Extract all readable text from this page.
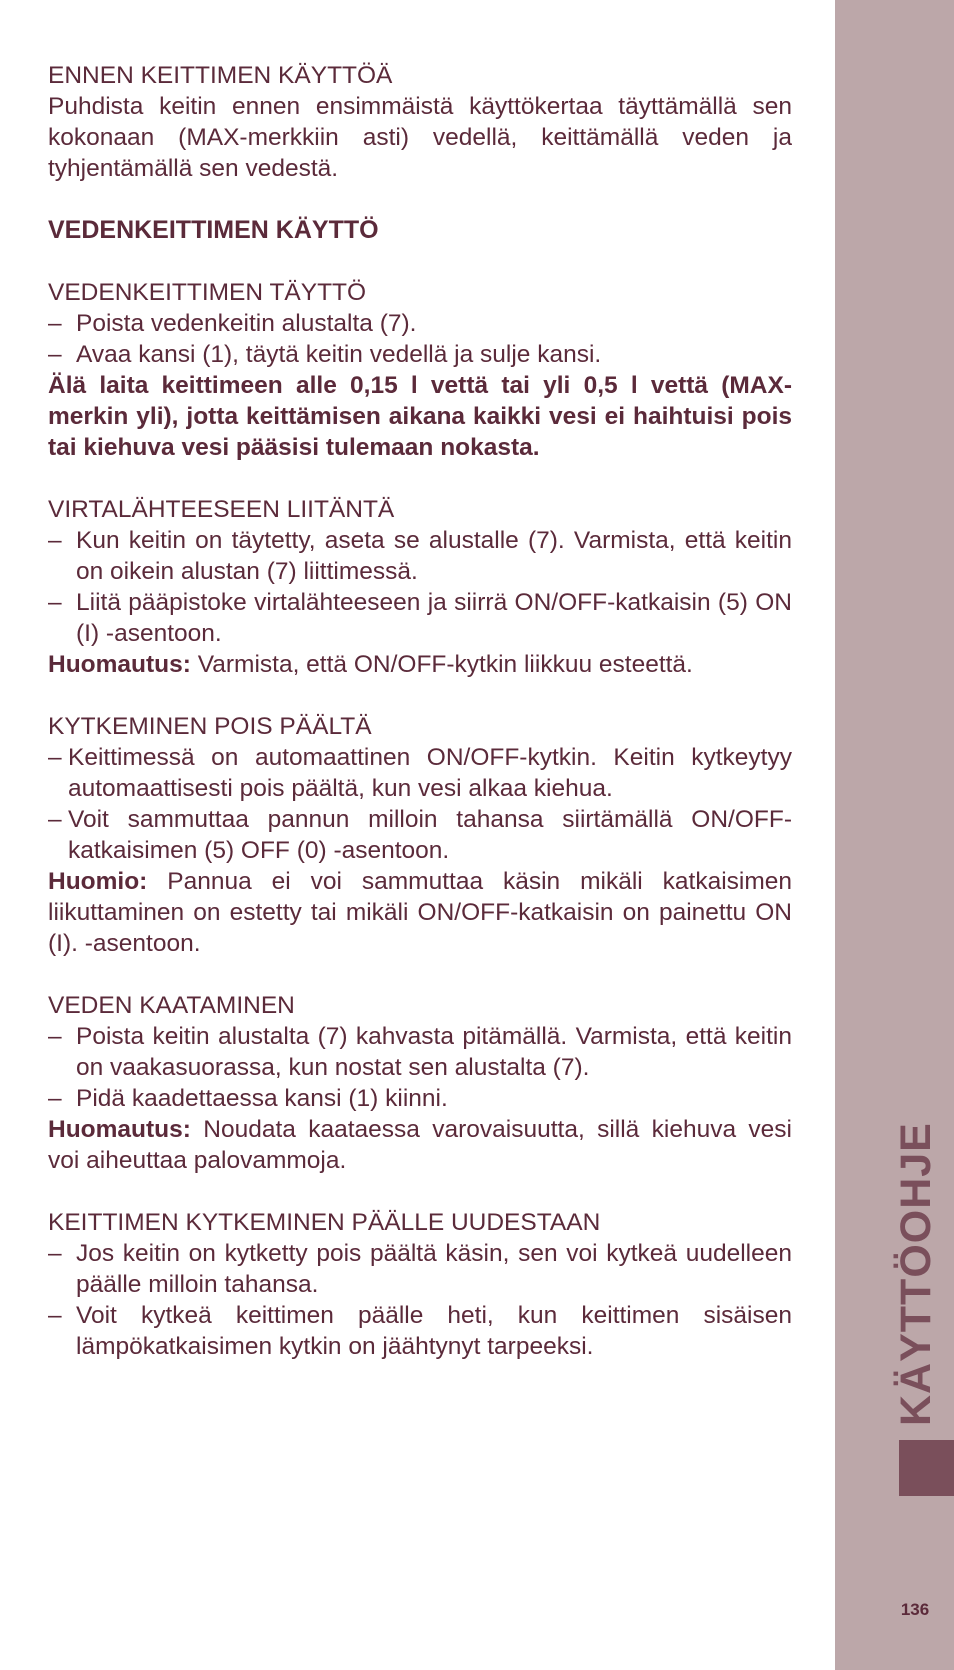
ENNEN KEITTIMEN KÄYTTÖÄ

Puhdista keitin ennen ensimmäistä käyttökertaa täyttämällä sen kokonaan (MAX-merkkiin asti) vedellä, keittämällä veden ja tyhjentämällä sen vedestä.

VEDENKEITTIMEN KÄYTTÖ

VEDENKEITTIMEN TÄYTTÖ

– Poista vedenkeitin alustalta (7).
– Avaa kansi (1), täytä keitin vedellä ja sulje kansi.

Älä laita keittimeen alle 0,15 l vettä tai yli 0,5 l vettä (MAX-merkin yli), jotta keittämisen aikana kaikki vesi ei haihtuisi pois tai kiehuva vesi pääsisi tulemaan nokasta.

VIRTALÄHTEESEEN LIITÄNTÄ

– Kun keitin on täytetty, aseta se alustalle (7). Varmista, että keitin on oikein alustan (7) liittimessä.
– Liitä pääpistoke virtalähteeseen ja siirrä ON/OFF-katkaisin (5) ON (I) -asentoon.

Huomautus: Varmista, että ON/OFF-kytkin liikkuu esteettä.

KYTKEMINEN POIS PÄÄLTÄ

– Keittimessä on automaattinen ON/OFF-kytkin. Keitin kytkeytyy automaattisesti pois päältä, kun vesi alkaa kiehua.
– Voit sammuttaa pannun milloin tahansa siirtämällä ON/OFF-katkaisimen (5) OFF (0) -asentoon.

Huomio: Pannua ei voi sammuttaa käsin mikäli katkaisimen liikuttaminen on estetty tai mikäli ON/OFF-katkaisin on painettu ON (I). -asentoon.

VEDEN KAATAMINEN

– Poista keitin alustalta (7) kahvasta pitämällä. Varmista, että keitin on vaakasuorassa, kun nostat sen alustalta (7).
– Pidä kaadettaessa kansi (1) kiinni.

Huomautus: Noudata kaataessa varovaisuutta, sillä kiehuva vesi voi aiheuttaa palovammoja.

KEITTIMEN KYTKEMINEN PÄÄLLE UUDESTAAN

– Jos keitin on kytketty pois päältä käsin, sen voi kytkeä uudelleen päälle milloin tahansa.
– Voit kytkeä keittimen päälle heti, kun keittimen sisäisen lämpökatkaisimen kytkin on jäähtynyt tarpeeksi.	KÄYTTÖOHJE
136
